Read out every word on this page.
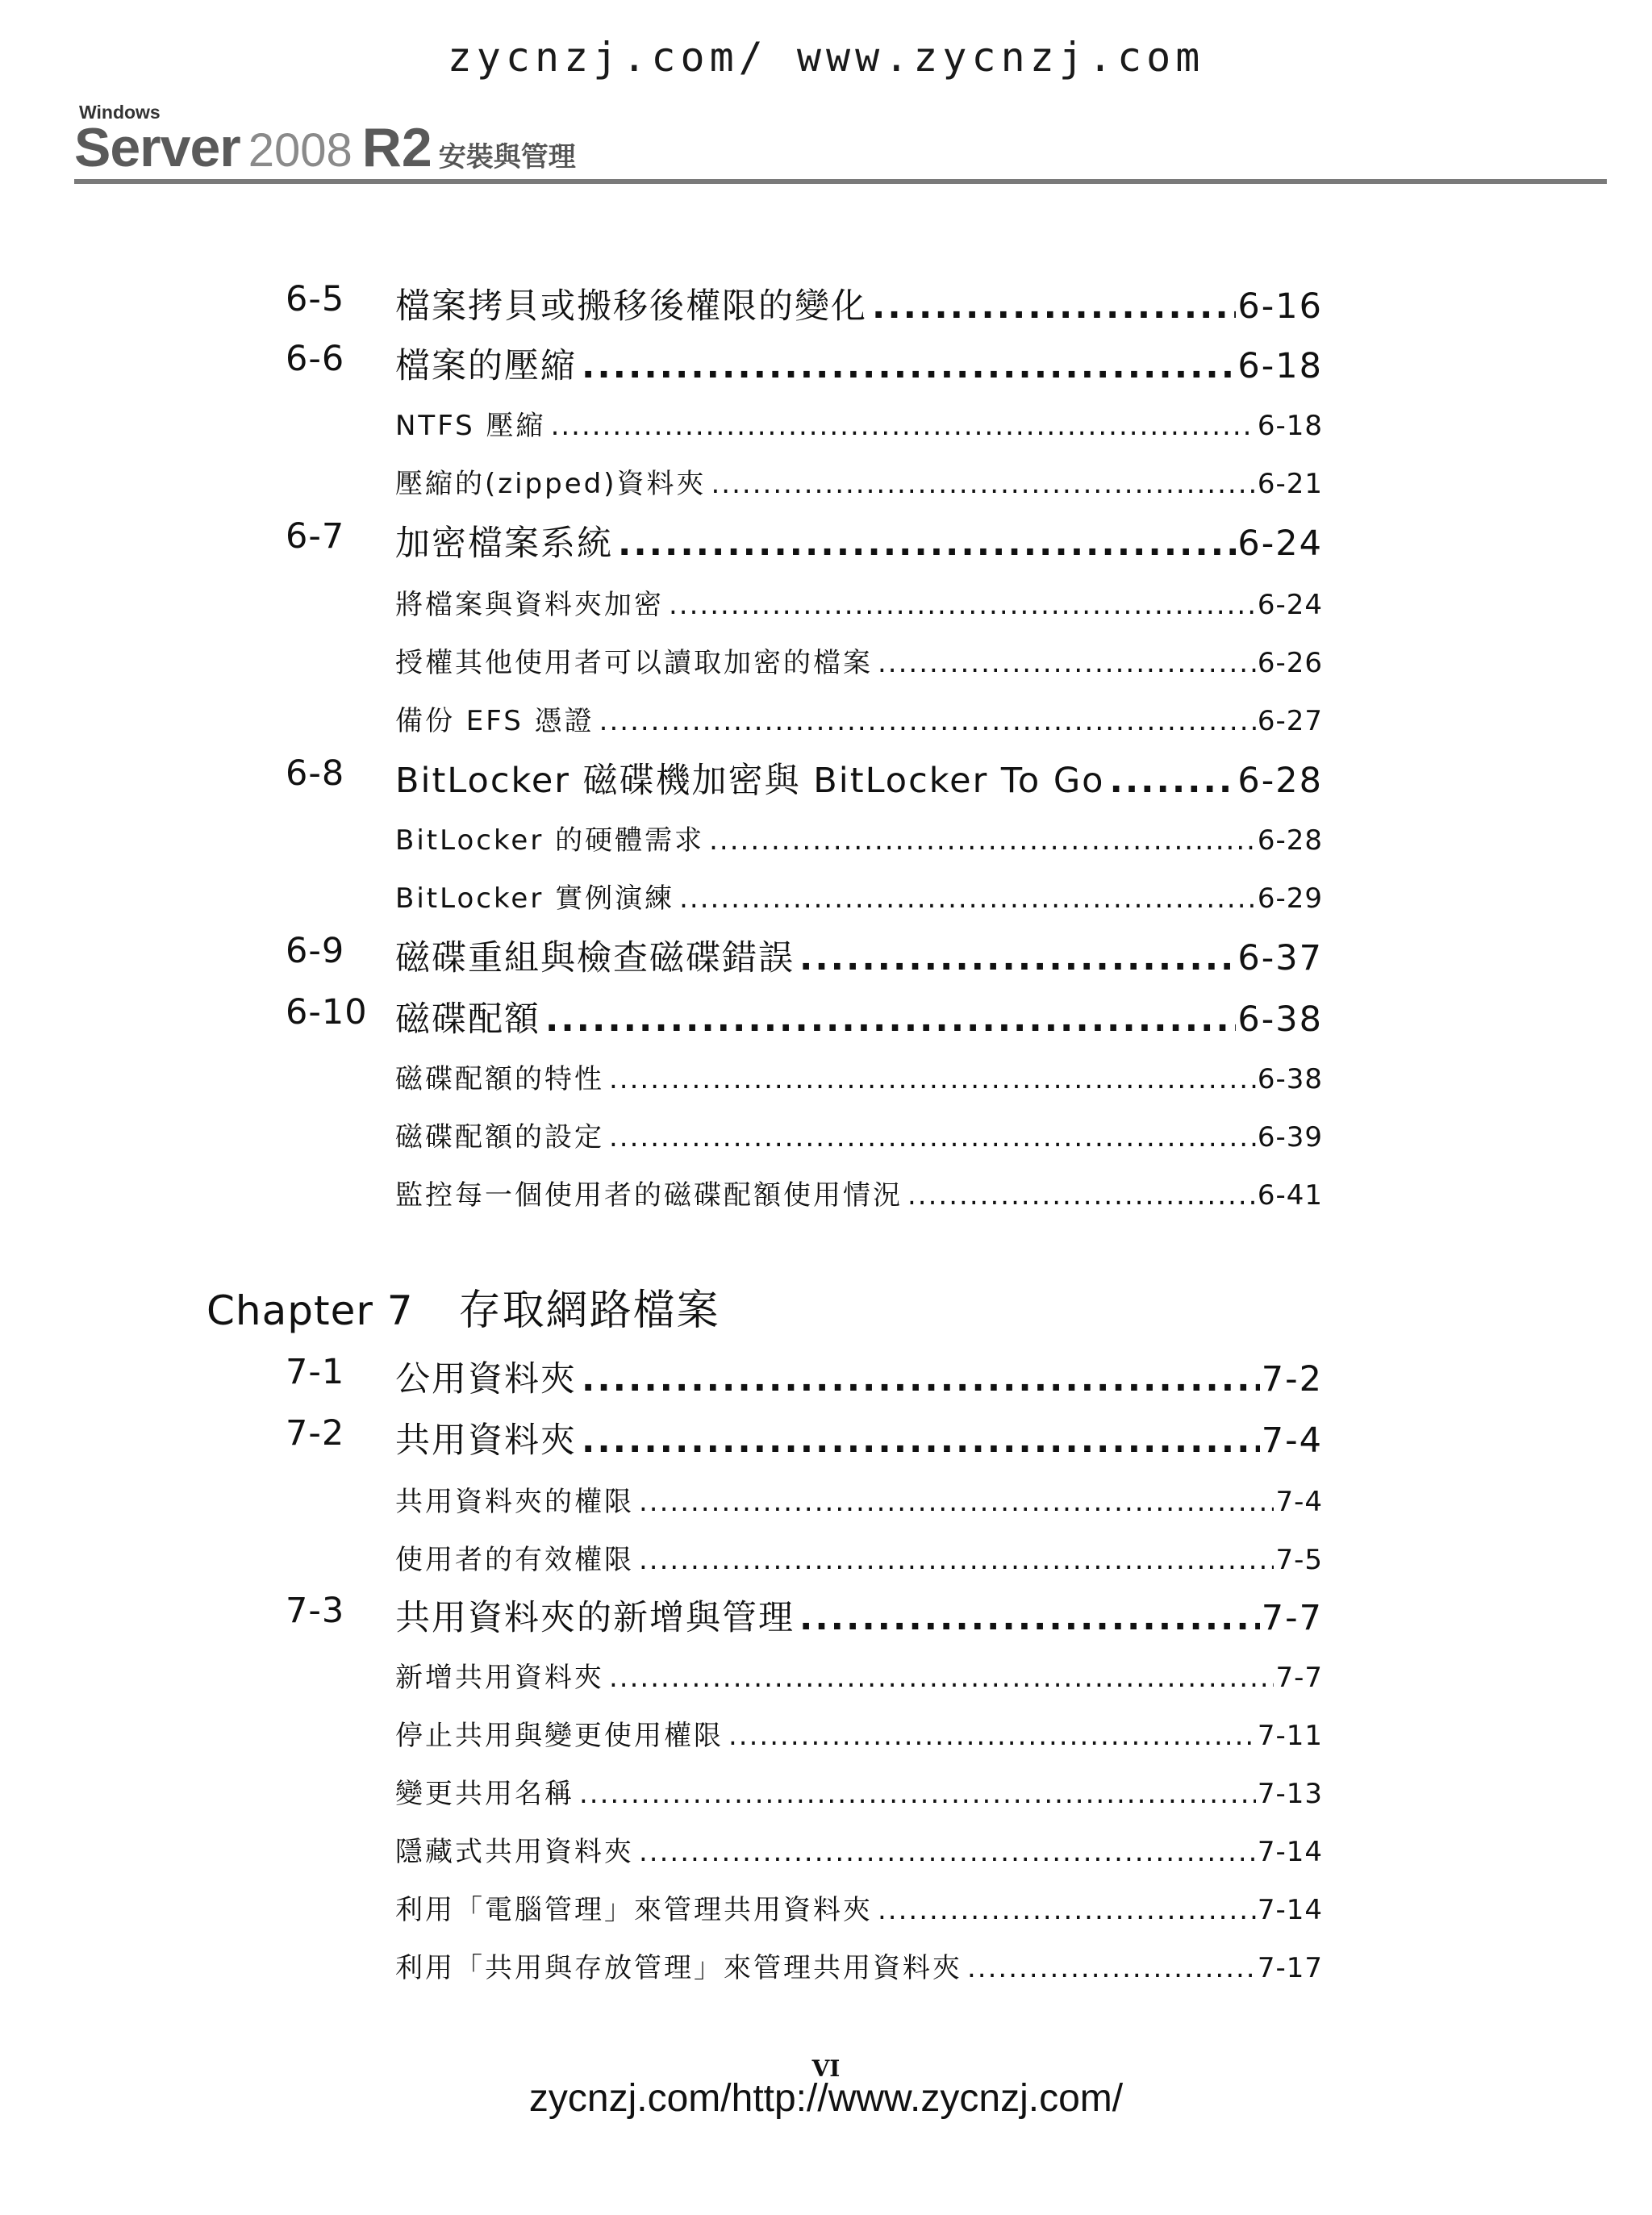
zycnzj.com/ www.zycnzj.com
Windows
Server 2008 R2 安裝與管理
6-5 檔案拷貝或搬移後權限的變化 .....	6-16
6-6 檔案的壓縮 .....	6-18
NTFS 壓縮 .....	6-18
壓縮的(zipped)資料夾 .....	6-21
6-7 加密檔案系統 .....	6-24
將檔案與資料夾加密 .....	6-24
授權其他使用者可以讀取加密的檔案 .....	6-26
備份 EFS 憑證 .....	6-27
6-8 BitLocker 磁碟機加密與 BitLocker To Go .....	6-28
BitLocker 的硬體需求 .....	6-28
BitLocker 實例演練 .....	6-29
6-9 磁碟重組與檢查磁碟錯誤 .....	6-37
6-10 磁碟配額 .....	6-38
磁碟配額的特性 .....	6-38
磁碟配額的設定 .....	6-39
監控每一個使用者的磁碟配額使用情況 .....	6-41
Chapter 7 存取網路檔案
7-1 公用資料夾 .....	7-2
7-2 共用資料夾 .....	7-4
共用資料夾的權限 .....	7-4
使用者的有效權限 .....	7-5
7-3 共用資料夾的新增與管理 .....	7-7
新增共用資料夾 .....	7-7
停止共用與變更使用權限 .....	7-11
變更共用名稱 .....	7-13
隱藏式共用資料夾 .....	7-14
利用「電腦管理」來管理共用資料夾 .....	7-14
利用「共用與存放管理」來管理共用資料夾 .....	7-17
VI
zycnzj.com/http://www.zycnzj.com/
